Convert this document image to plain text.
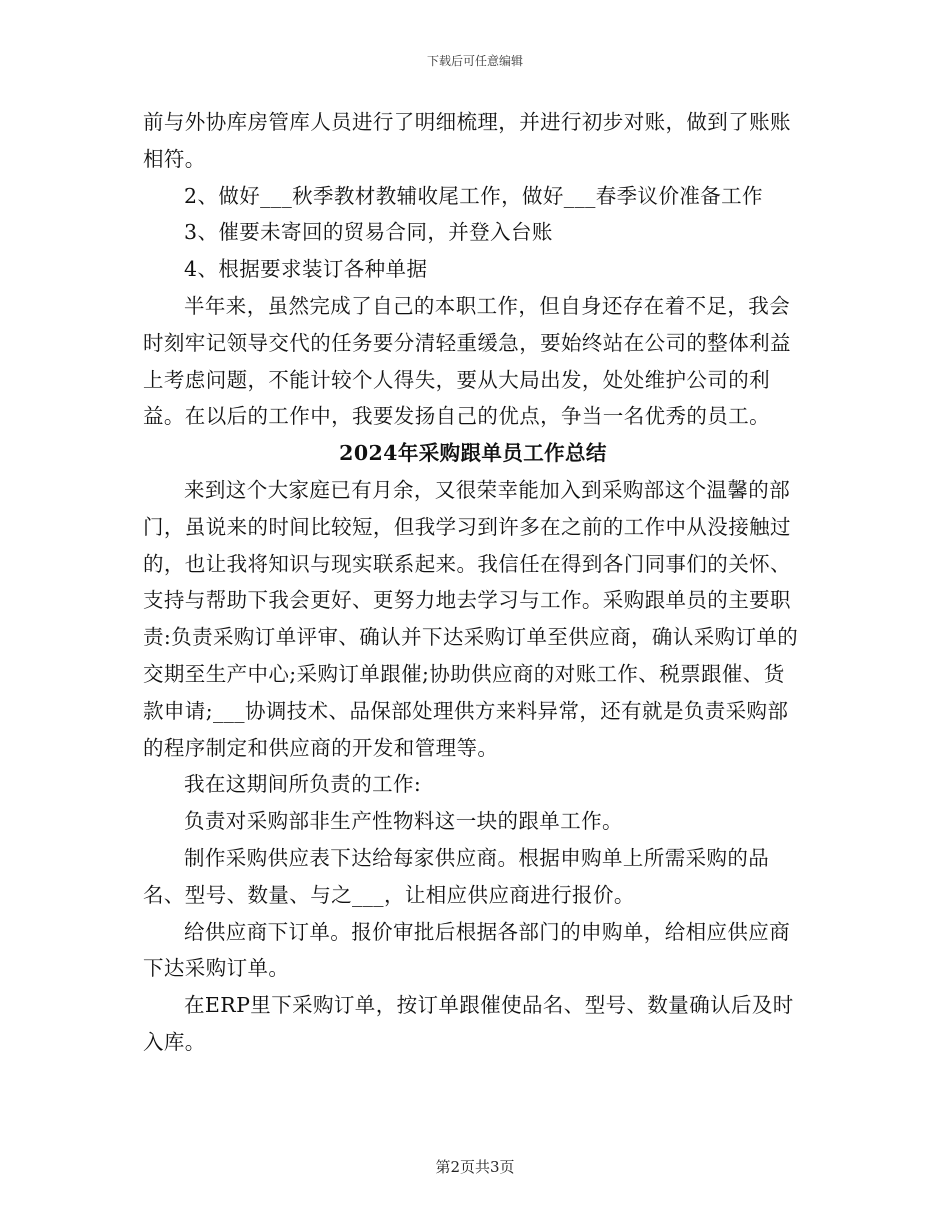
下载后可任意编辑

前与外协库房管库人员进行了明细梳理，并进行初步对账，做到了账账相符。

2、做好___秋季教材教辅收尾工作，做好___春季议价准备工作

3、催要未寄回的贸易合同，并登入台账

4、根据要求装订各种单据

半年来，虽然完成了自己的本职工作，但自身还存在着不足，我会时刻牢记领导交代的任务要分清轻重缓急，要始终站在公司的整体利益上考虑问题，不能计较个人得失，要从大局出发，处处维护公司的利益。在以后的工作中，我要发扬自己的优点，争当一名优秀的员工。

2024年采购跟单员工作总结

来到这个大家庭已有月余，又很荣幸能加入到采购部这个温馨的部门，虽说来的时间比较短，但我学习到许多在之前的工作中从没接触过的，也让我将知识与现实联系起来。我信任在得到各门同事们的关怀、支持与帮助下我会更好、更努力地去学习与工作。采购跟单员的主要职责:负责采购订单评审、确认并下达采购订单至供应商，确认采购订单的交期至生产中心;采购订单跟催;协助供应商的对账工作、税票跟催、货款申请;___协调技术、品保部处理供方来料异常，还有就是负责采购部的程序制定和供应商的开发和管理等。

我在这期间所负责的工作:

负责对采购部非生产性物料这一块的跟单工作。

制作采购供应表下达给每家供应商。根据申购单上所需采购的品名、型号、数量、与之___，让相应供应商进行报价。

给供应商下订单。报价审批后根据各部门的申购单，给相应供应商下达采购订单。

在ERP里下采购订单，按订单跟催使品名、型号、数量确认后及时入库。

第2页共3页
